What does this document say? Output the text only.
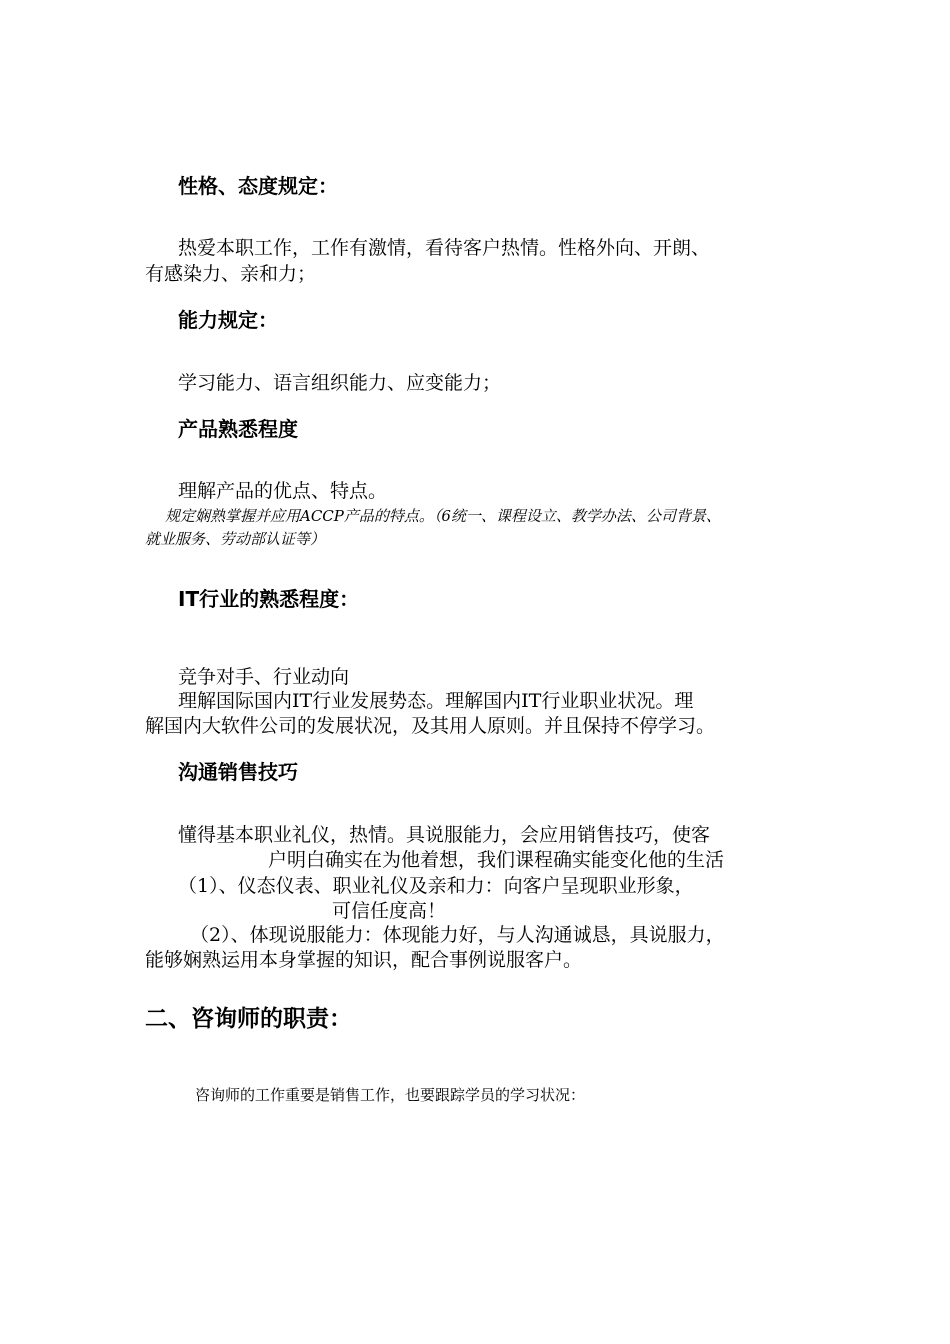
性格、态度规定：
热爱本职工作，工作有激情，看待客户热情。性格外向、开朗、
有感染力、亲和力；
能力规定：
学习能力、语言组织能力、应变能力；
产品熟悉程度
理解产品的优点、特点。
规定娴熟掌握并应用ACCP产品的特点。（6统一、课程设立、教学办法、公司背景、
就业服务、劳动部认证等）
IT行业的熟悉程度：
竞争对手、行业动向
理解国际国内IT行业发展势态。理解国内IT行业职业状况。理
解国内大软件公司的发展状况，及其用人原则。并且保持不停学习。
沟通销售技巧
懂得基本职业礼仪，热情。具说服能力，会应用销售技巧，使客
户明白确实在为他着想，我们课程确实能变化他的生活
（1）、仪态仪表、职业礼仪及亲和力：向客户呈现职业形象，
可信任度高！
（2）、体现说服能力：体现能力好，与人沟通诚恳，具说服力，
能够娴熟运用本身掌握的知识，配合事例说服客户。
二、咨询师的职责：
咨询师的工作重要是销售工作，也要跟踪学员的学习状况：
